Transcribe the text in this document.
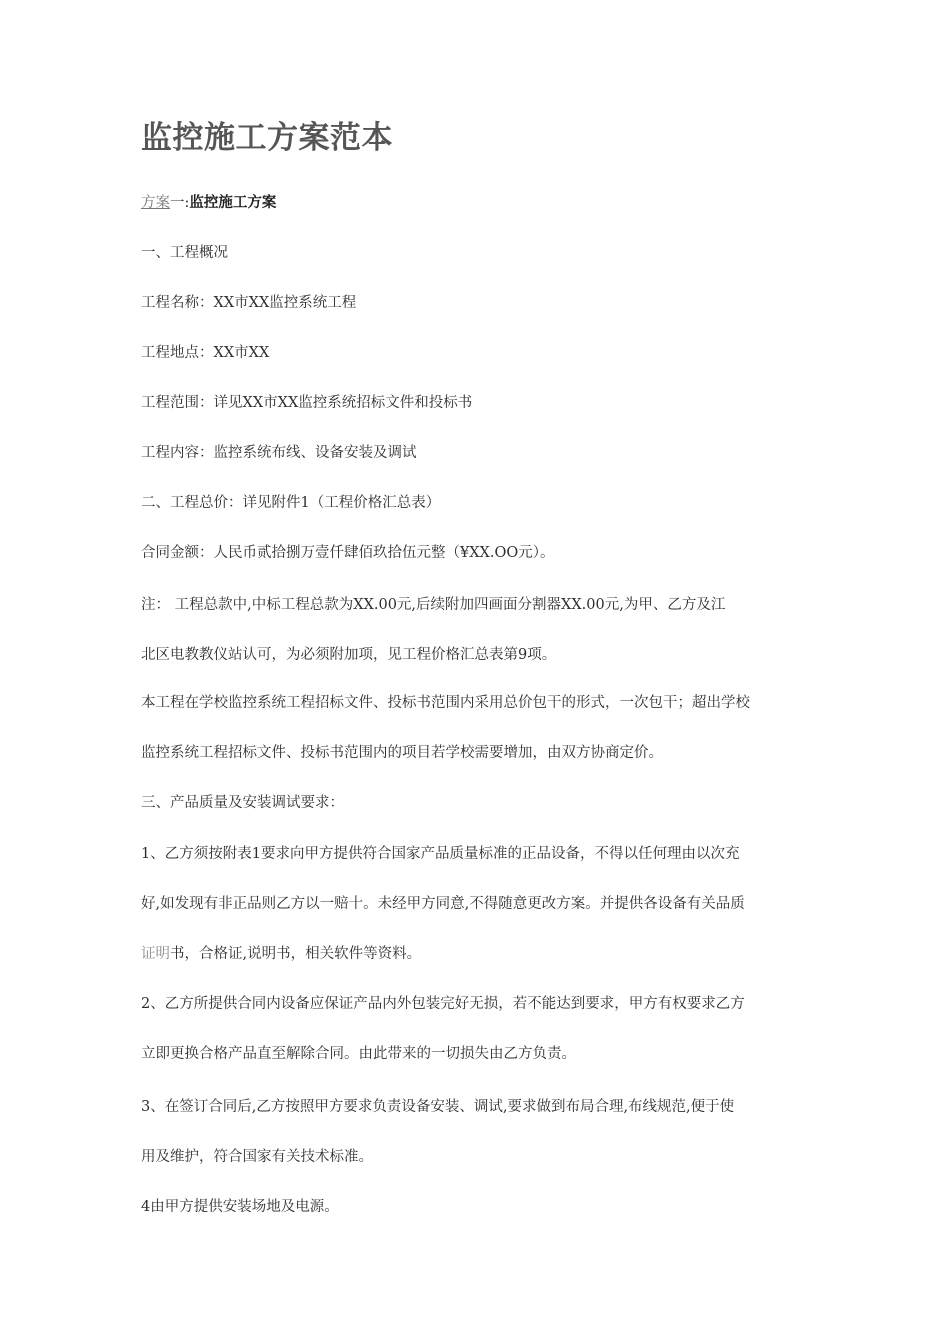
监控施工方案范本
方案一:监控施工方案
一、工程概况
工程名称：XX市XX监控系统工程
工程地点：XX市XX
工程范围：详见XX市XX监控系统招标文件和投标书
工程内容：监控系统布线、设备安装及调试
二、工程总价：详见附件1（工程价格汇总表）
合同金额：人民币贰拾捌万壹仟肆佰玖拾伍元整（¥XX.OO元）。
注： 工程总款中,中标工程总款为XX.00元,后续附加四画面分割器XX.00元,为甲、乙方及江
北区电教教仪站认可，为必须附加项，见工程价格汇总表第9项。
本工程在学校监控系统工程招标文件、投标书范围内采用总价包干的形式，一次包干；超出学校
监控系统工程招标文件、投标书范围内的项目若学校需要增加，由双方协商定价。
三、产品质量及安装调试要求：
1、乙方须按附表1要求向甲方提供符合国家产品质量标准的正品设备，不得以任何理由以次充
好,如发现有非正品则乙方以一赔十。未经甲方同意,不得随意更改方案。并提供各设备有关品质
证明书，合格证,说明书，相关软件等资料。
2、乙方所提供合同内设备应保证产品内外包装完好无损，若不能达到要求，甲方有权要求乙方
立即更换合格产品直至解除合同。由此带来的一切损失由乙方负责。
3、在签订合同后,乙方按照甲方要求负责设备安装、调试,要求做到布局合理,布线规范,便于使
用及维护，符合国家有关技术标准。
4由甲方提供安装场地及电源。
